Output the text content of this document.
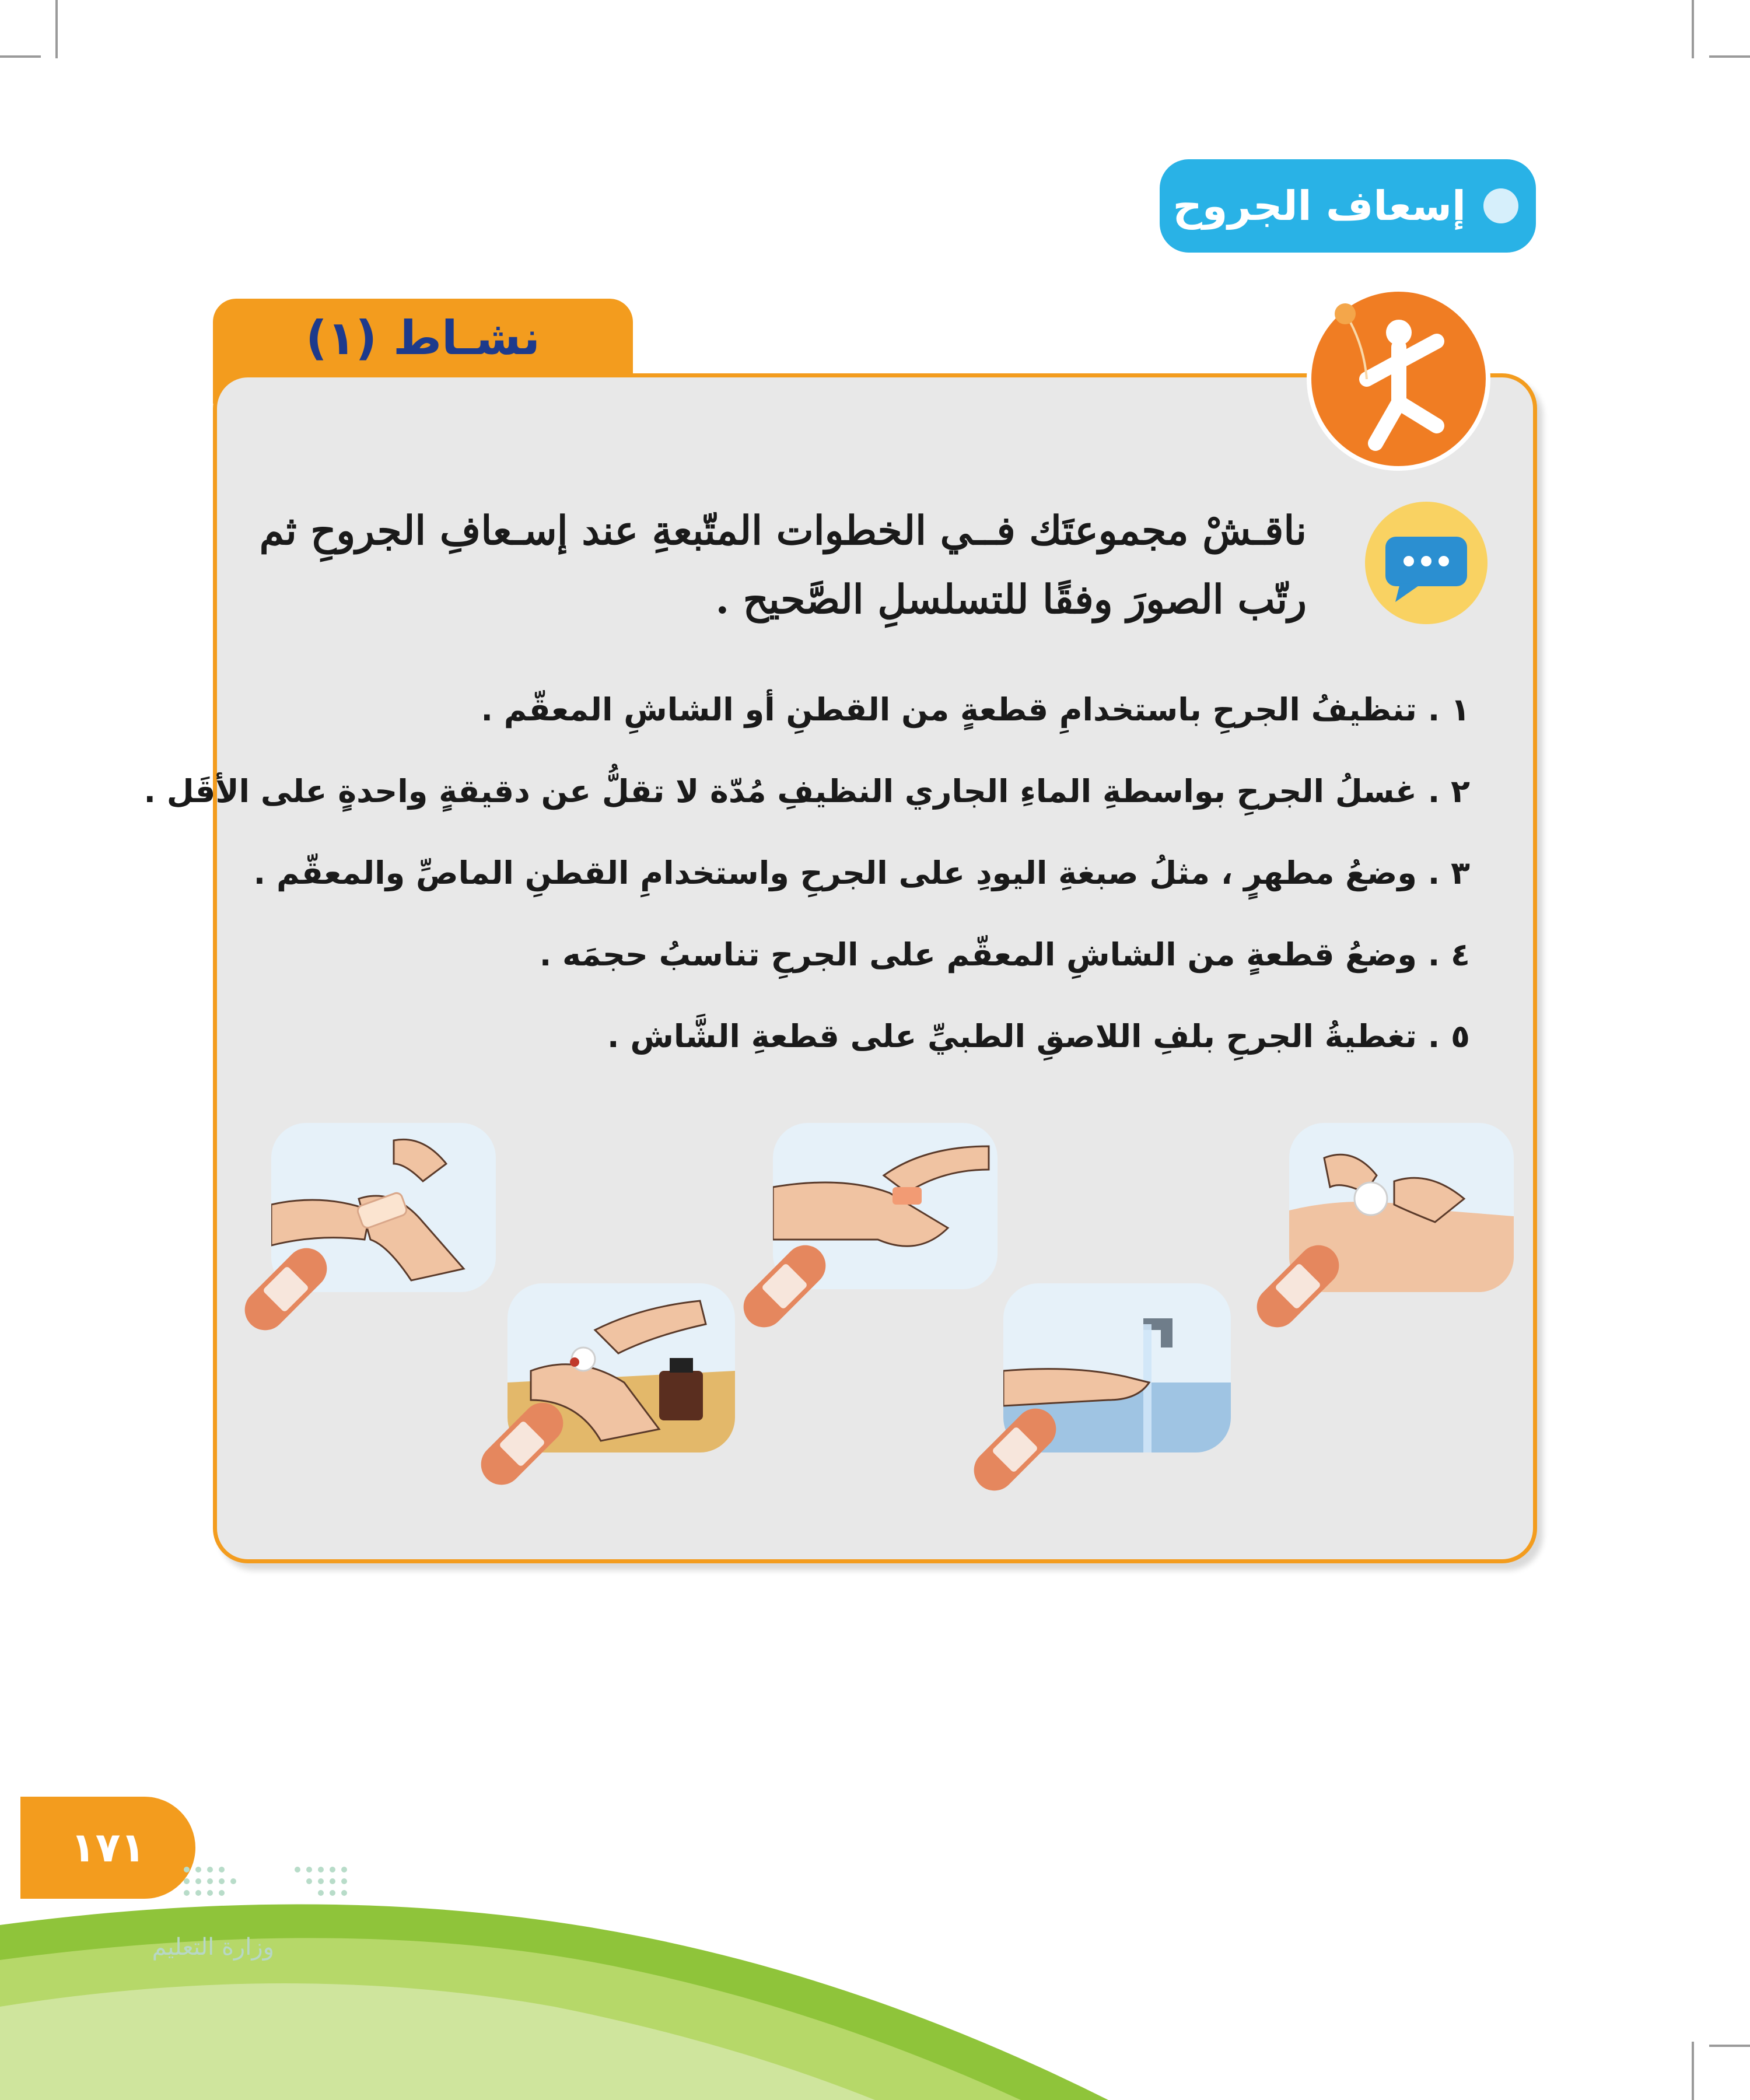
إسعاف الجروح :
نشـاط (١)
ناقـشْ مجموعتَك فــي الخطوات المتّبعةِ عند إسـعافِ الجروحِ ثم
رتّب الصورَ وفقًا للتسلسلِ الصَّحيح .
١ . تنظيفُ الجرحِ باستخدامِ قطعةٍ من القطنِ أو الشاشِ المعقّم .
٢ . غسلُ الجرحِ بواسطةِ الماءِ الجاري النظيفِ مُدّة لا تقلُّ عن دقيقةٍ واحدةٍ على الأقَل .
٣ . وضعُ مطهرٍ ، مثلُ صبغةِ اليودِ على الجرحِ واستخدامِ القطنِ الماصِّ والمعقّم .
٤ . وضعُ قطعةٍ من الشاشِ المعقّم على الجرحِ تناسبُ حجمَه .
٥ . تغطيةُ الجرحِ بلفِ اللاصقِ الطبيِّ على قطعةِ الشَّاش .
١٧١
وزارة التعليم
